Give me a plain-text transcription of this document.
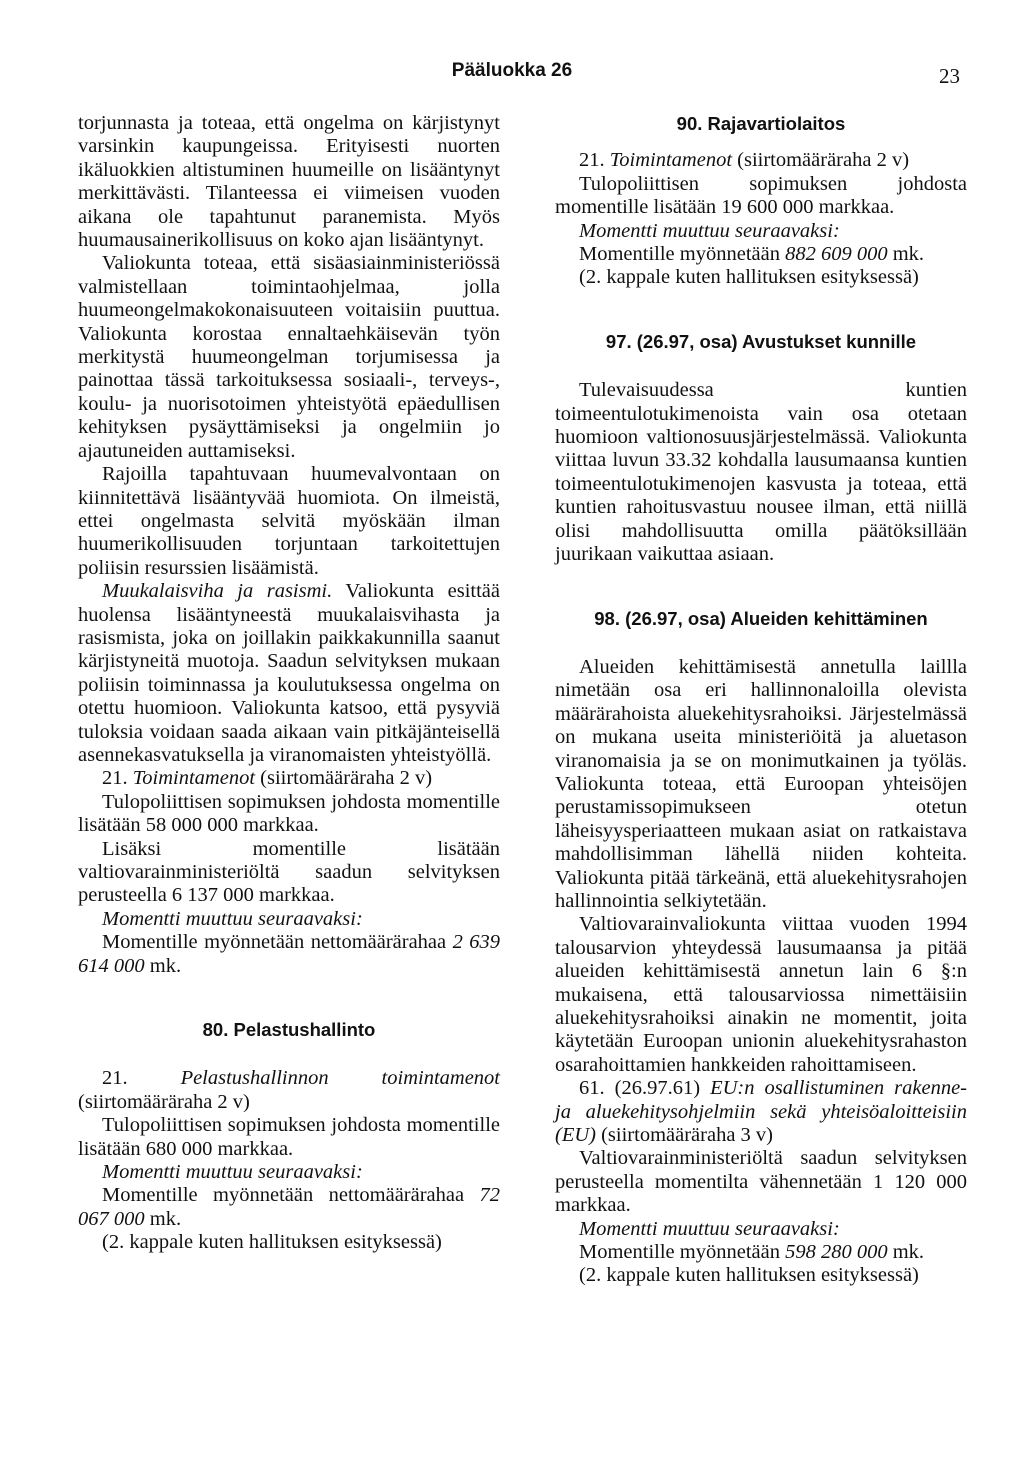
Pääluokka 26	23

torjunnasta ja toteaa, että ongelma on kärjistynyt varsinkin kaupungeissa. Erityisesti nuorten ikäluokkien altistuminen huumeille on lisääntynyt merkittävästi. Tilanteessa ei viimeisen vuoden aikana ole tapahtunut paranemista. Myös huumausainerikollisuus on koko ajan lisääntynyt.

Valiokunta toteaa, että sisäasiainministeriössä valmistellaan toimintaohjelmaa, jolla huumeongelmakokonaisuuteen voitaisiin puuttua. Valiokunta korostaa ennaltaehkäisevän työn merkitystä huumeongelman torjumisessa ja painottaa tässä tarkoituksessa sosiaali-, terveys-, koulu- ja nuorisotoimen yhteistyötä epäedullisen kehityksen pysäyttämiseksi ja ongelmiin jo ajautuneiden auttamiseksi.

Rajoilla tapahtuvaan huumevalvontaan on kiinnitettävä lisääntyvää huomiota. On ilmeistä, ettei ongelmasta selvitä myöskään ilman huumerikollisuuden torjuntaan tarkoitettujen poliisin resurssien lisäämistä.

Muukalaisviha ja rasismi. Valiokunta esittää huolensa lisääntyneestä muukalaisvihasta ja rasismista, joka on joillakin paikkakunnilla saanut kärjistyneitä muotoja. Saadun selvityksen mukaan poliisin toiminnassa ja koulutuksessa ongelma on otettu huomioon. Valiokunta katsoo, että pysyviä tuloksia voidaan saada aikaan vain pitkäjänteisellä asennekasvatuksella ja viranomaisten yhteistyöllä.

21. Toimintamenot (siirtomääräraha 2 v)

Tulopoliittisen sopimuksen johdosta momentille lisätään 58 000 000 markkaa.

Lisäksi momentille lisätään valtiovarainministeriöltä saadun selvityksen perusteella 6 137 000 markkaa.

Momentti muuttuu seuraavaksi:

Momentille myönnetään nettomäärärahaa 2 639 614 000 mk.

80. Pelastushallinto

21. Pelastushallinnon toimintamenot (siirtomääräraha 2 v)

Tulopoliittisen sopimuksen johdosta momentille lisätään 680 000 markkaa.

Momentti muuttuu seuraavaksi:

Momentille myönnetään nettomäärärahaa 72 067 000 mk.

(2. kappale kuten hallituksen esityksessä)

90. Rajavartiolaitos

21. Toimintamenot (siirtomääräraha 2 v)

Tulopoliittisen sopimuksen johdosta momentille lisätään 19 600 000 markkaa.

Momentti muuttuu seuraavaksi:

Momentille myönnetään 882 609 000 mk.

(2. kappale kuten hallituksen esityksessä)

97. (26.97, osa) Avustukset kunnille

Tulevaisuudessa kuntien toimeentulotukimenoista vain osa otetaan huomioon valtionosuusjärjestelmässä. Valiokunta viittaa luvun 33.32 kohdalla lausumaansa kuntien toimeentulotukimenojen kasvusta ja toteaa, että kuntien rahoitusvastuu nousee ilman, että niillä olisi mahdollisuutta omilla päätöksillään juurikaan vaikuttaa asiaan.

98. (26.97, osa) Alueiden kehittäminen

Alueiden kehittämisestä annetulla laillla nimetään osa eri hallinnonaloilla olevista määrärahoista aluekehitysrahoiksi. Järjestelmässä on mukana useita ministeriöitä ja aluetason viranomaisia ja se on monimutkainen ja työläs. Valiokunta toteaa, että Euroopan yhteisöjen perustamissopimukseen otetun läheisyysperiaatteen mukaan asiat on ratkaistava mahdollisimman lähellä niiden kohteita. Valiokunta pitää tärkeänä, että aluekehitysrahojen hallinnointia selkiytetään.

Valtiovarainvaliokunta viittaa vuoden 1994 talousarvion yhteydessä lausumaansa ja pitää alueiden kehittämisestä annetun lain 6 §:n mukaisena, että talousarviossa nimettäisiin aluekehitysrahoiksi ainakin ne momentit, joita käytetään Euroopan unionin aluekehitysrahaston osarahoittamien hankkeiden rahoittamiseen.

61. (26.97.61) EU:n osallistuminen rakenne- ja aluekehitysohjelmiin sekä yhteisöaloitteisiin (EU) (siirtomääräraha 3 v)

Valtiovarainministeriöltä saadun selvityksen perusteella momentilta vähennetään 1 120 000 markkaa.

Momentti muuttuu seuraavaksi:

Momentille myönnetään 598 280 000 mk.

(2. kappale kuten hallituksen esityksessä)
